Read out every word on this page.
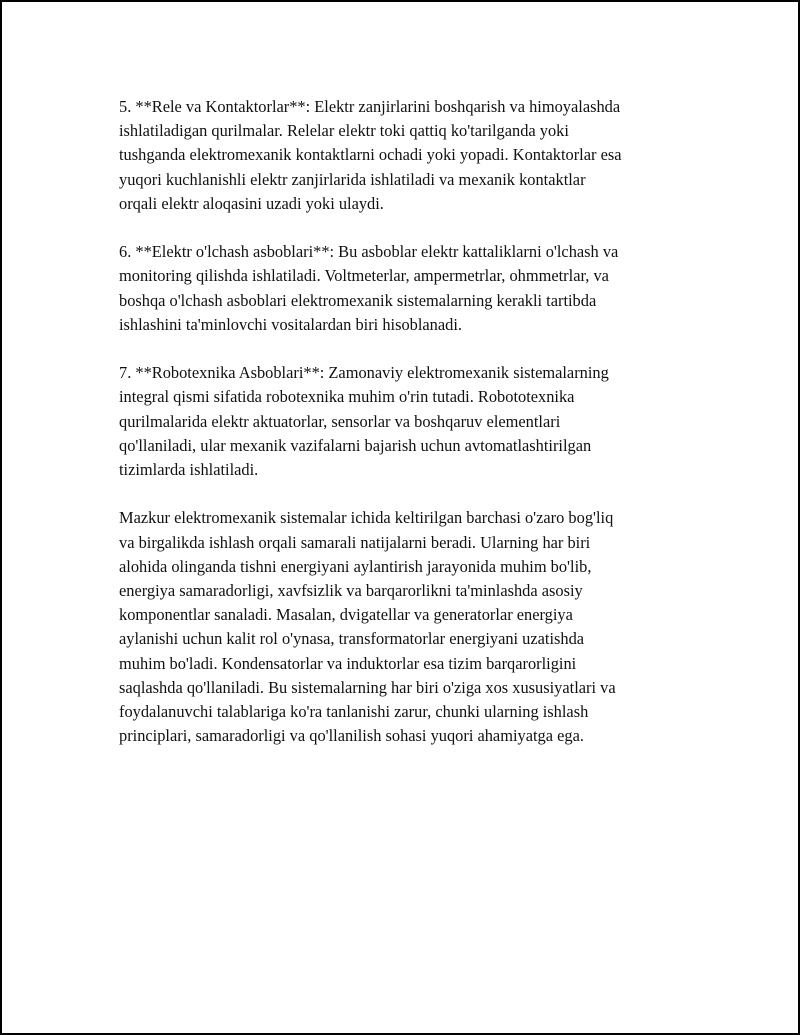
5. **Rele va Kontaktorlar**: Elektr zanjirlarini boshqarish va himoyalashda
ishlatiladigan qurilmalar. Relelar elektr toki qattiq ko'tarilganda yoki
tushganda elektromexanik kontaktlarni ochadi yoki yopadi. Kontaktorlar esa
yuqori kuchlanishli elektr zanjirlarida ishlatiladi va mexanik kontaktlar
orqali elektr aloqasini uzadi yoki ulaydi.

6. **Elektr o'lchash asboblari**: Bu asboblar elektr kattaliklarni o'lchash va
monitoring qilishda ishlatiladi. Voltmeterlar, ampermetrlar, ohmmetrlar, va
boshqa o'lchash asboblari elektromexanik sistemalarning kerakli tartibda
ishlashini ta'minlovchi vositalardan biri hisoblanadi.

7. **Robotexnika Asboblari**: Zamonaviy elektromexanik sistemalarning
integral qismi sifatida robotexnika muhim o'rin tutadi. Robototexnika
qurilmalarida elektr aktuatorlar, sensorlar va boshqaruv elementlari
qo'llaniladi, ular mexanik vazifalarni bajarish uchun avtomatlashtirilgan
tizimlarda ishlatiladi.

Mazkur elektromexanik sistemalar ichida keltirilgan barchasi o'zaro bog'liq
va birgalikda ishlash orqali samarali natijalarni beradi. Ularning har biri
alohida olinganda tishni energiyani aylantirish jarayonida muhim bo'lib,
energiya samaradorligi, xavfsizlik va barqarorlikni ta'minlashda asosiy
komponentlar sanaladi. Masalan, dvigatellar va generatorlar energiya
aylanishi uchun kalit rol o'ynasa, transformatorlar energiyani uzatishda
muhim bo'ladi. Kondensatorlar va induktorlar esa tizim barqarorligini
saqlashda qo'llaniladi. Bu sistemalarning har biri o'ziga xos xususiyatlari va
foydalanuvchi talablariga ko'ra tanlanishi zarur, chunki ularning ishlash
principlari, samaradorligi va qo'llanilish sohasi yuqori ahamiyatga ega.
